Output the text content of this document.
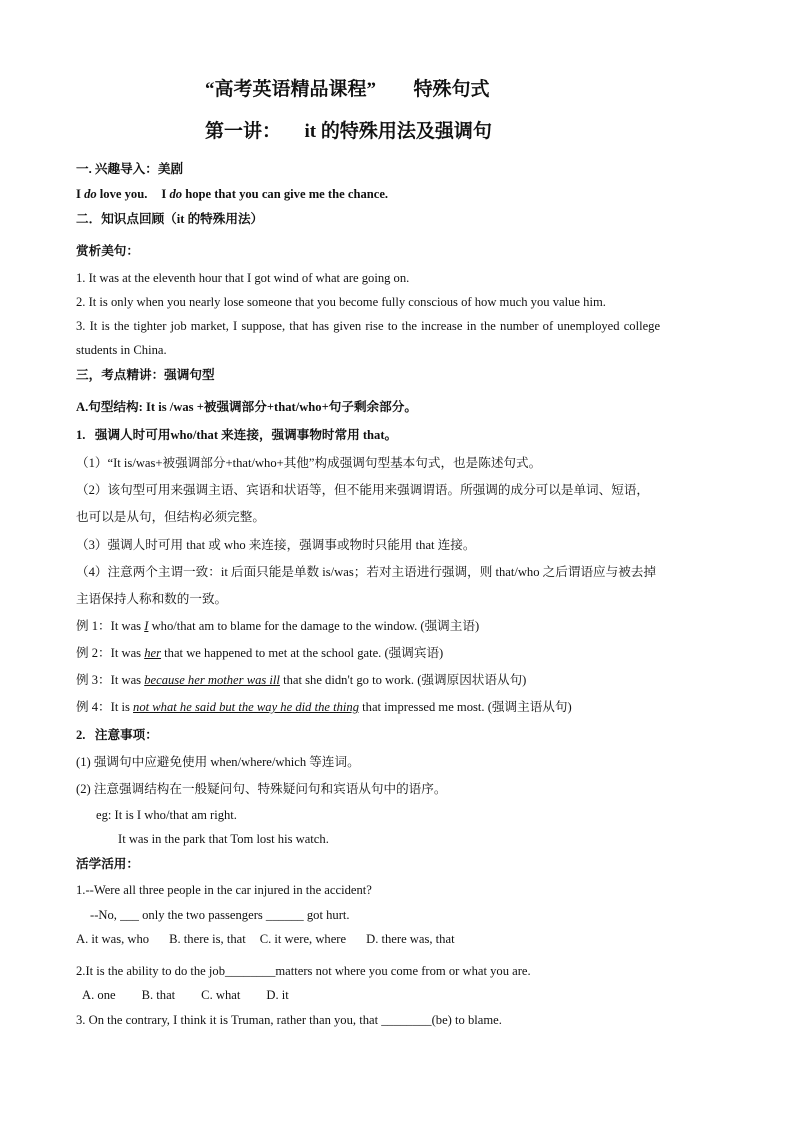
“高考英语精品课程” 特殊句式
第一讲： it 的特殊用法及强调句
一. 兴趣导入：美剧
I do love you. I do hope that you can give me the chance.
二．知识点回顾（it 的特殊用法）
赏析美句：
1. It was at the eleventh hour that I got wind of what are going on.
2. It is only when you nearly lose someone that you become fully conscious of how much you value him.
3. It is the tighter job market, I suppose, that has given rise to the increase in the number of unemployed college
students in China.
三，考点精讲：强调句型
A.句型结构: It is /was +被强调部分+that/who+句子剩余部分。
1.   强调人时可用who/that 来连接，强调事物时常用 that。
（1）“It is/was+被强调部分+that/who+其他”构成强调句型基本句式，也是陈述句式。
（2）该句型可用来强调主语、宾语和状语等，但不能用来强调谓语。所强调的成分可以是单词、短语，
也可以是从句，但结构必须完整。
（3）强调人时可用 that 或 who 来连接，强调事或物时只能用 that 连接。
（4）注意两个主谓一致：it 后面只能是单数 is/was；若对主语进行强调，则 that/who 之后谓语应与被去掉
主语保持人称和数的一致。
例 1：It was I who/that am to blame for the damage to the window. (强调主语)
例 2：It was her that we happened to met at the school gate. (强调宾语)
例 3：It was because her mother was ill that she didn't go to work. (强调原因状语从句)
例 4：It is not what he said but the way he did the thing that impressed me most. (强调主语从句)
2.   注意事项：
(1) 强调句中应避免使用 when/where/which 等连词。
(2) 注意强调结构在一般疑问句、特殊疑问句和宾语从句中的语序。
eg: It is I who/that am right.
It was in the park that Tom lost his watch.
活学活用：
1.--Were all three people in the car injured in the accident?
--No, ___ only the two passengers ______ got hurt.
A. it was, who B. there is, that C. it were, where D. there was, that
2.It is the ability to do the job________matters not where you come from or what you are.
A. one B. that C. what D. it
3. On the contrary, I think it is Truman, rather than you, that ________(be) to blame.
